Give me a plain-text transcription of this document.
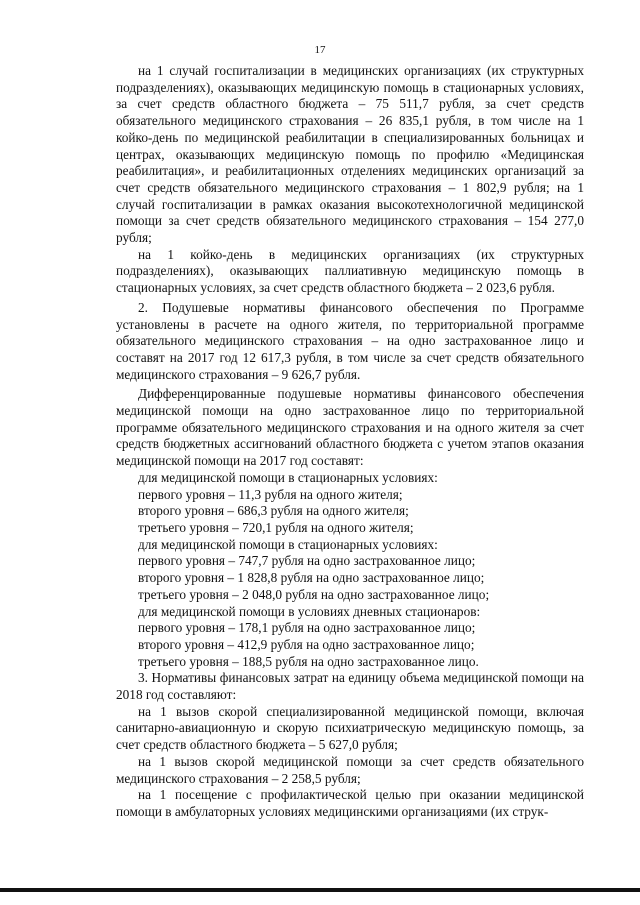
17

на 1 случай госпитализации в медицинских организациях (их структурных подразделениях), оказывающих медицинскую помощь в стационарных условиях, за счет средств областного бюджета – 75 511,7 рубля, за счет средств обязательного медицинского страхования – 26 835,1 рубля, в том числе на 1 койко-день по медицинской реабилитации в специализированных больницах и центрах, оказывающих медицинскую помощь по профилю «Медицинская реабилитация», и реабилитационных отделениях медицинских организаций за счет средств обязательного медицинского страхования – 1 802,9 рубля; на 1 случай госпитализации в рамках оказания высокотехнологичной медицинской помощи за счет средств обязательного медицинского страхования – 154 277,0 рубля;

на 1 койко-день в медицинских организациях (их структурных подразделениях), оказывающих паллиативную медицинскую помощь в стационарных условиях, за счет средств областного бюджета – 2 023,6 рубля.

2. Подушевые нормативы финансового обеспечения по Программе установлены в расчете на одного жителя, по территориальной программе обязательного медицинского страхования – на одно застрахованное лицо и составят на 2017 год 12 617,3 рубля, в том числе за счет средств обязательного медицинского страхования – 9 626,7 рубля.

Дифференцированные подушевые нормативы финансового обеспечения медицинской помощи на одно застрахованное лицо по территориальной программе обязательного медицинского страхования и на одного жителя за счет средств бюджетных ассигнований областного бюджета с учетом этапов оказания медицинской помощи на 2017 год составят:

для медицинской помощи в стационарных условиях:

первого уровня – 11,3 рубля на одного жителя;

второго уровня – 686,3 рубля на одного жителя;

третьего уровня – 720,1 рубля на одного жителя;

для медицинской помощи в стационарных условиях:

первого уровня – 747,7 рубля на одно застрахованное лицо;

второго уровня – 1 828,8 рубля на одно застрахованное лицо;

третьего уровня – 2 048,0 рубля на одно застрахованное лицо;

для медицинской помощи в условиях дневных стационаров:

первого уровня – 178,1 рубля на одно застрахованное лицо;

второго уровня – 412,9 рубля на одно застрахованное лицо;

третьего уровня – 188,5 рубля на одно застрахованное лицо.

3. Нормативы финансовых затрат на единицу объема медицинской помощи на 2018 год составляют:

на 1 вызов скорой специализированной медицинской помощи, включая санитарно-авиационную и скорую психиатрическую медицинскую помощь, за счет средств областного бюджета – 5 627,0 рубля;

на 1 вызов скорой медицинской помощи за счет средств обязательного медицинского страхования – 2 258,5 рубля;

на 1 посещение с профилактической целью при оказании медицинской помощи в амбулаторных условиях медицинскими организациями (их струк-
